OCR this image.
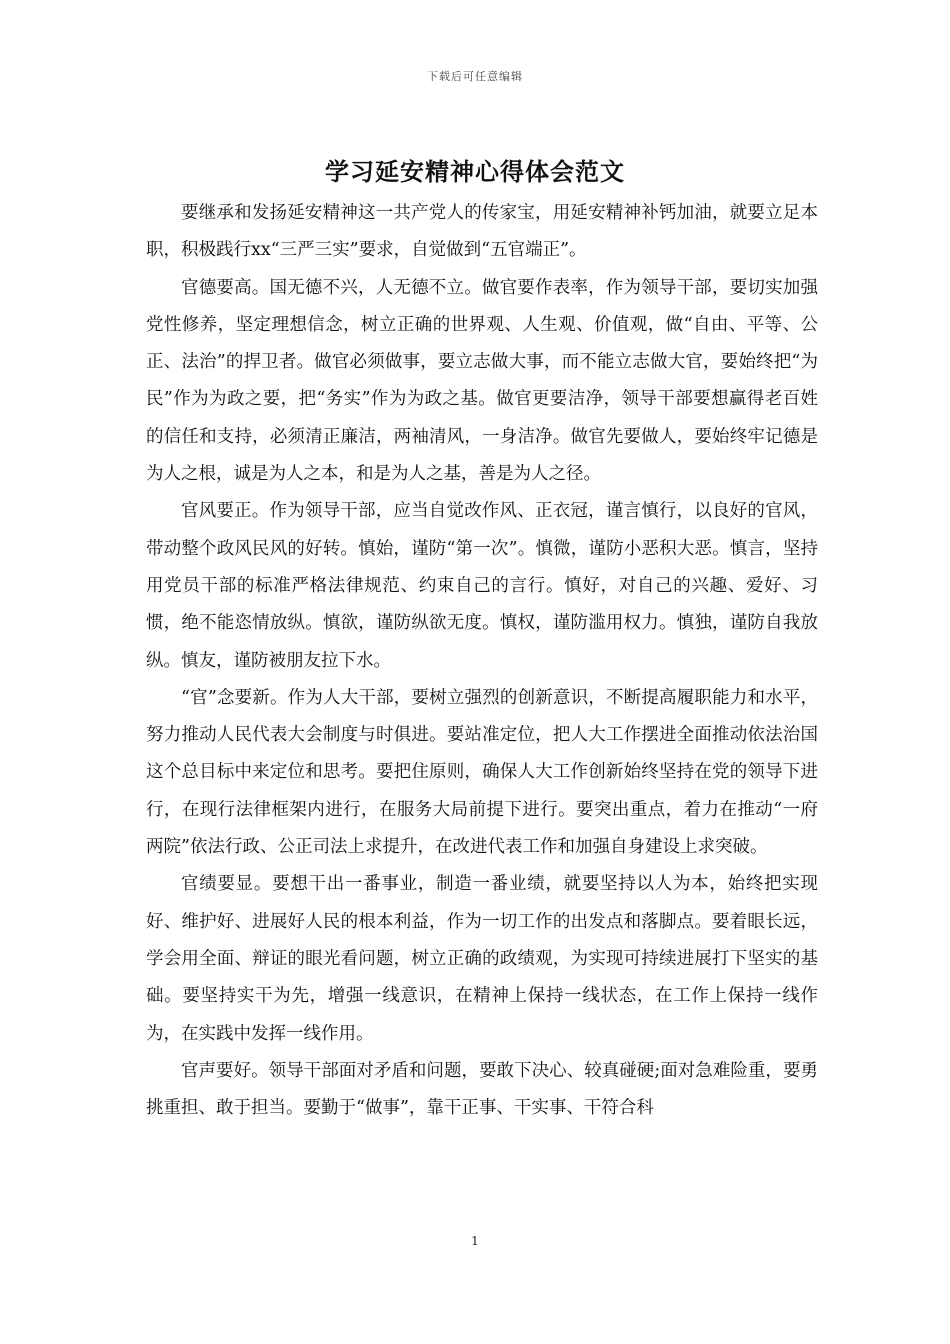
下载后可任意编辑
学习延安精神心得体会范文

要继承和发扬延安精神这一共产党人的传家宝，用延安精神补钙加油，就要立足本职，积极践行xx“三严三实”要求，自觉做到“五官端正”。

官德要高。国无德不兴，人无德不立。做官要作表率，作为领导干部，要切实加强党性修养，坚定理想信念，树立正确的世界观、人生观、价值观，做“自由、平等、公正、法治”的捍卫者。做官必须做事，要立志做大事，而不能立志做大官，要始终把“为民”作为为政之要，把“务实”作为为政之基。做官更要洁净，领导干部要想赢得老百姓的信任和支持，必须清正廉洁，两袖清风，一身洁净。做官先要做人，要始终牢记德是为人之根，诚是为人之本，和是为人之基，善是为人之径。

官风要正。作为领导干部，应当自觉改作风、正衣冠，谨言慎行，以良好的官风，带动整个政风民风的好转。慎始，谨防“第一次”。慎微，谨防小恶积大恶。慎言，坚持用党员干部的标准严格法律规范、约束自己的言行。慎好，对自己的兴趣、爱好、习惯，绝不能恣情放纵。慎欲，谨防纵欲无度。慎权，谨防滥用权力。慎独，谨防自我放纵。慎友，谨防被朋友拉下水。

“官”念要新。作为人大干部，要树立强烈的创新意识，不断提高履职能力和水平，努力推动人民代表大会制度与时俱进。要站准定位，把人大工作摆进全面推动依法治国这个总目标中来定位和思考。要把住原则，确保人大工作创新始终坚持在党的领导下进行，在现行法律框架内进行，在服务大局前提下进行。要突出重点，着力在推动“一府两院”依法行政、公正司法上求提升，在改进代表工作和加强自身建设上求突破。

官绩要显。要想干出一番事业，制造一番业绩，就要坚持以人为本，始终把实现好、维护好、进展好人民的根本利益，作为一切工作的出发点和落脚点。要着眼长远，学会用全面、辩证的眼光看问题，树立正确的政绩观，为实现可持续进展打下坚实的基础。要坚持实干为先，增强一线意识，在精神上保持一线状态，在工作上保持一线作为，在实践中发挥一线作用。

官声要好。领导干部面对矛盾和问题，要敢下决心、较真碰硬;面对急难险重，要勇挑重担、敢于担当。要勤于“做事”，靠干正事、干实事、干符合科

1
